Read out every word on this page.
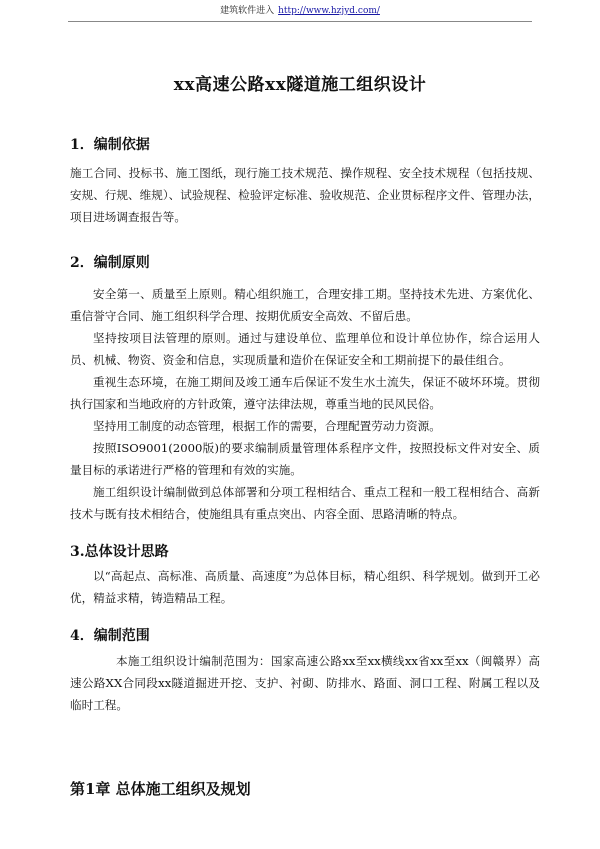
建筑软件进入 http://www.hzjyd.com/
xx高速公路xx隧道施工组织设计
1．编制依据

施工合同、投标书、施工图纸，现行施工技术规范、操作规程、安全技术规程（包括技规、安规、行规、维规）、试验规程、检验评定标准、验收规范、企业贯标程序文件、管理办法，项目进场调查报告等。

2．编制原则

安全第一、质量至上原则。精心组织施工，合理安排工期。坚持技术先进、方案优化、重信誉守合同、施工组织科学合理、按期优质安全高效、不留后患。

坚持按项目法管理的原则。通过与建设单位、监理单位和设计单位协作，综合运用人员、机械、物资、资金和信息，实现质量和造价在保证安全和工期前提下的最佳组合。

重视生态环境，在施工期间及竣工通车后保证不发生水土流失，保证不破坏环境。贯彻执行国家和当地政府的方针政策，遵守法律法规，尊重当地的民风民俗。

坚持用工制度的动态管理，根据工作的需要，合理配置劳动力资源。

按照ISO9001(2000版)的要求编制质量管理体系程序文件，按照投标文件对安全、质量目标的承诺进行严格的管理和有效的实施。

施工组织设计编制做到总体部署和分项工程相结合、重点工程和一般工程相结合、高新技术与既有技术相结合，使施组具有重点突出、内容全面、思路清晰的特点。

3.总体设计思路

以“高起点、高标准、高质量、高速度”为总体目标，精心组织、科学规划。做到开工必优，精益求精，铸造精品工程。

4．编制范围

本施工组织设计编制范围为：国家高速公路xx至xx横线xx省xx至xx（闽赣界）高速公路XX合同段xx隧道掘进开挖、支护、衬砌、防排水、路面、洞口工程、附属工程以及临时工程。

第1章 总体施工组织及规划
